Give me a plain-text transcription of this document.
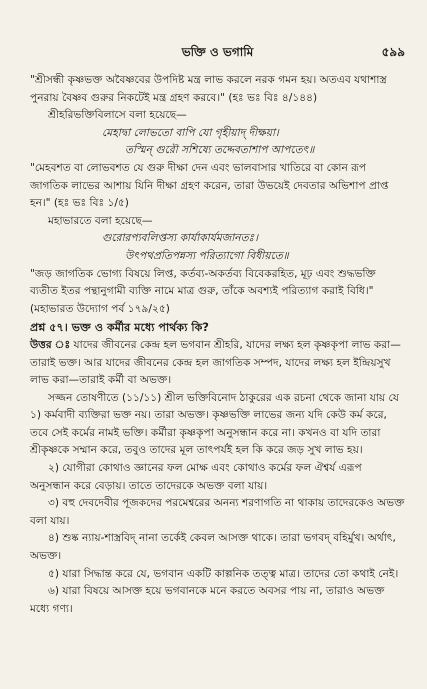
ভক্তি ও ভগামি	৫৯৯

"শ্রীসন্ধী কৃষ্ণভক্ত অবৈষ্ণবের উপদিষ্ট মন্ত্র লাভ করলে নরক গমন হয়। অতএব যথাশাস্ত্র পুনরায় বৈষ্ণব গুরুর নিকটেই মন্ত্র গ্রহণ করবে।" (হঃ ভঃ বিঃ ৪/১৪৪)

শ্রীহরিভক্তিবিলাসে বলা হয়েছে—

মেহাদ্বা লোভতো বাপি যো গৃহীয়াদ্ দীক্ষয়া।

তস্মিন্ গুরৌ সশিষ্যে তদ্দেবতাশাপ আপতেৎ॥

"মেহবশত বা লোভবশত যে গুরু দীক্ষা দেন এবং ভালবাসার খাতিরে বা কোন রূপ জাগতিক লাভের আশায় যিনি দীক্ষা গ্রহণ করেন, তারা উভয়েই দেবতার অভিশাপ প্রাপ্ত হন।" (হঃ ভঃ বিঃ ১/৫)

মহাভারতে বলা হয়েছে—

গুরোরপ্যবলিপ্তস্য কার্যাকার্যমজানতঃ।

উৎপথপ্রতিপন্নস্য পরিত্যাগো বিধীয়তে॥

"জড় জাগতিক ভোগ্য বিষয়ে লিপ্ত, কর্তব্য-অকর্তব্য বিবেকরহিত, মূঢ় এবং শুদ্ধভক্তি ব্যতীত ইতর পন্থানুগামী ব্যক্তি নামে মাত্র গুরু, তাঁকে অবশ্যই পরিত্যাগ করাই বিধি।" (মহাভারত উদ্যোগ পর্ব ১৭৯/২৫)

প্রশ্ন ৫৭। ভক্ত ও কর্মীর মধ্যে পার্থক্য কি?

উত্তর ঃ যাদের জীবনের কেন্দ্র হল ভগবান শ্রীহরি, যাদের লক্ষ্য হল কৃষ্ণকৃপা লাভ করা—তারাই ভক্ত। আর যাদের জীবনের কেন্দ্র হল জাগতিক সম্পদ, যাদের লক্ষ্য হল ইন্দ্রিয়সুখ লাভ করা—তারাই কর্মী বা অভক্ত।

সজ্জন তোষণীতে (১১/১১) শ্রীল ভক্তিবিনোদ ঠাকুরের এক রচনা থেকে জানা যায় যে ১) কর্মবাদী ব্যক্তিরা ভক্ত নয়। তারা অভক্ত। কৃষ্ণভক্তি লাভের জন্য যদি কেউ কর্ম করে, তবে সেই কর্মের নামই ভক্তি। কর্মীরা কৃষ্ণকৃপা অনুসন্ধান করে না। কখনও বা যদি তারা শ্রীকৃষ্ণকে সম্মান করে, তবুও তাদের মূল তাৎপর্যই হল কি করে জড় সুখ লাভ হয়।

২) যোগীরা কোথাও জ্ঞানের ফল মোক্ষ এবং কোথাও কর্মের ফল ঐশ্বর্য এরূপ অনুসন্ধান করে বেড়ায়। তাতে তাদেরকে অভক্ত বলা যায়।

৩) বহু দেবদেবীর পূজকদের পরমেশ্বরের অনন্য শরণাগতি না থাকায় তাদেরকেও অভক্ত বলা যায়।

৪) শুষ্ক ন্যায়-শাস্ত্রবিদ্ নানা তর্কেই কেবল আসক্ত থাকে। তারা ভগবদ্ বহির্মুখ। অর্থাৎ, অভক্ত।

৫) যারা সিদ্ধান্ত করে যে, ভগবান একটি কাল্পনিক তত্ত্ব মাত্র। তাদের তো কথাই নেই।

৬) যারা বিষয়ে আসক্ত হয়ে ভগবানকে মনে করতে অবসর পায় না, তারাও অভক্ত মধ্যে গণ্য।
